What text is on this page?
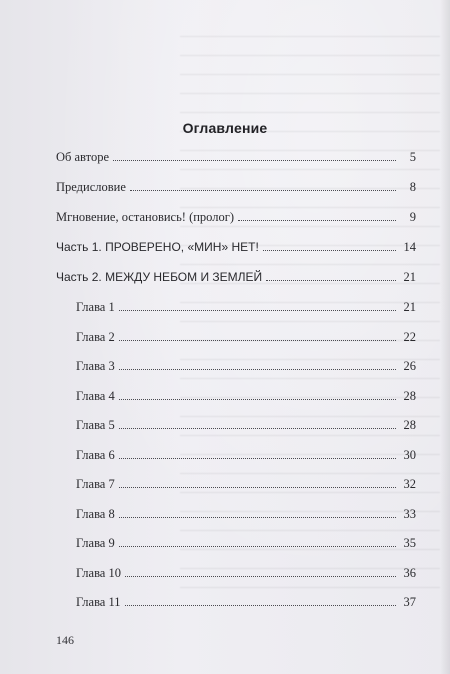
Оглавление
Об авторе	5
Предисловие	8
Мгновение, остановись! (пролог)	9
Часть 1. ПРОВЕРЕНО, «МИН» НЕТ!	14
Часть 2. МЕЖДУ НЕБОМ И ЗЕМЛЕЙ	21
Глава 1	21
Глава 2	22
Глава 3	26
Глава 4	28
Глава 5	28
Глава 6	30
Глава 7	32
Глава 8	33
Глава 9	35
Глава 10	36
Глава 11	37
146
